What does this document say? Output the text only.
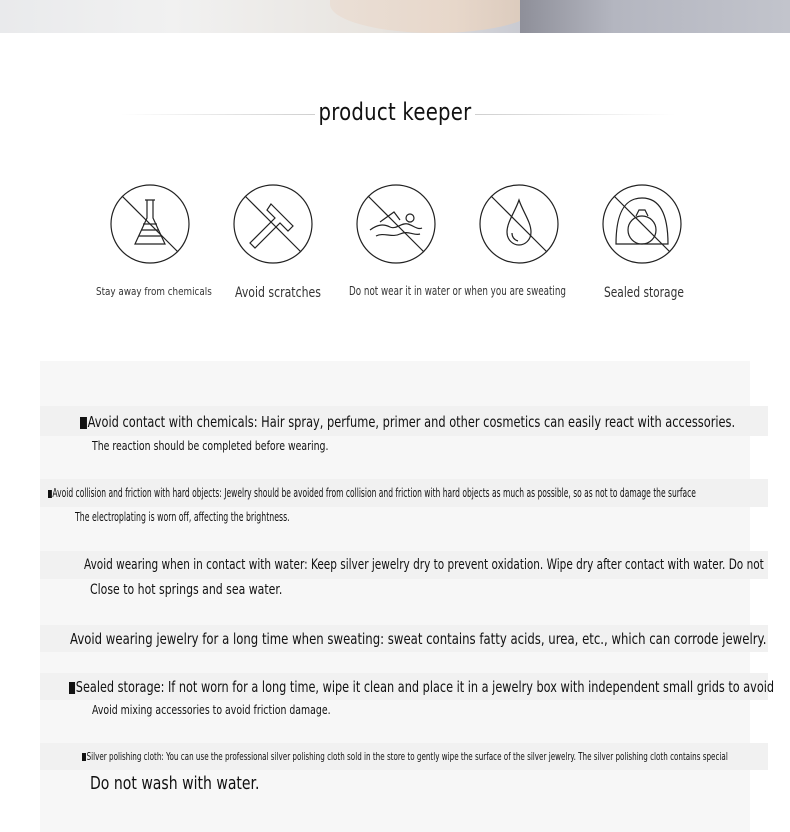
product keeper
Stay away from chemicals Avoid scratches Do not wear it in water or when you are sweating	Sealed storage
Avoid contact with chemicals: Hair spray, perfume, primer and other cosmetics can easily react with accessories.
The reaction should be completed before wearing.
Avoid collision and friction with hard objects: Jewelry should be avoided from collision and friction with hard objects as much as possible, so as not to damage the surface
The electroplating is worn off, affecting the brightness.
Avoid wearing when in contact with water: Keep silver jewelry dry to prevent oxidation. Wipe dry after contact with water. Do not
Close to hot springs and sea water.
Avoid wearing jewelry for a long time when sweating: sweat contains fatty acids, urea, etc., which can corrode jewelry.
Sealed storage: If not worn for a long time, wipe it clean and place it in a jewelry box with independent small grids to avoid
Avoid mixing accessories to avoid friction damage.
Silver polishing cloth: You can use the professional silver polishing cloth sold in the store to gently wipe the surface of the silver jewelry. The silver polishing cloth contains special
Do not wash with water.
